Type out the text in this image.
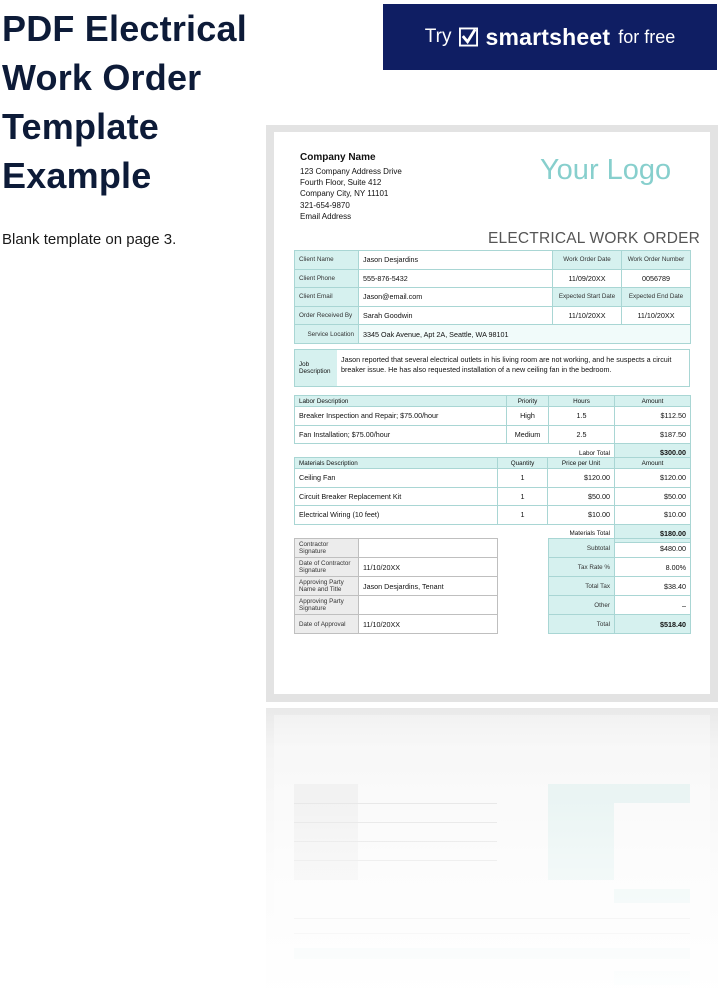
PDF Electrical Work Order Template Example
Blank template on page 3.
Try smartsheet for free
Company Name
123 Company Address Drive
Fourth Floor, Suite 412
Company City, NY 11101
321-654-9870
Email Address
Your Logo
ELECTRICAL WORK ORDER
Client Name	Jason Desjardins	Work Order Date	Work Order Number
Client Phone	555-876-5432	11/09/20XX	0056789
Client Email	Jason@email.com	Expected Start Date	Expected End Date
Order Received By	Sarah Goodwin	11/10/20XX	11/10/20XX
Service Location	3345 Oak Avenue, Apt 2A, Seattle, WA 98101		
Job Description
Jason reported that several electrical outlets in his living room are not working, and he suspects a circuit breaker issue. He has also requested installation of a new ceiling fan in the bedroom.
Labor Description	Priority	Hours	Amount
Breaker Inspection and Repair; $75.00/hour	High	1.5	$112.50
Fan Installation; $75.00/hour	Medium	2.5	$187.50
Labor Total			$300.00
Materials Description	Quantity	Price per Unit	Amount
Ceiling Fan	1	$120.00	$120.00
Circuit Breaker Replacement Kit	1	$50.00	$50.00
Electrical Wiring (10 feet)	1	$10.00	$10.00
Materials Total			$180.00
Contractor Signature	
Date of Contractor Signature	11/10/20XX
Approving Party Name and Title	Jason Desjardins, Tenant
Approving Party Signature	
Date of Approval	11/10/20XX
Subtotal	$480.00
Tax Rate %	8.00%
Total Tax	$38.40
Other	–
Total	$518.40
